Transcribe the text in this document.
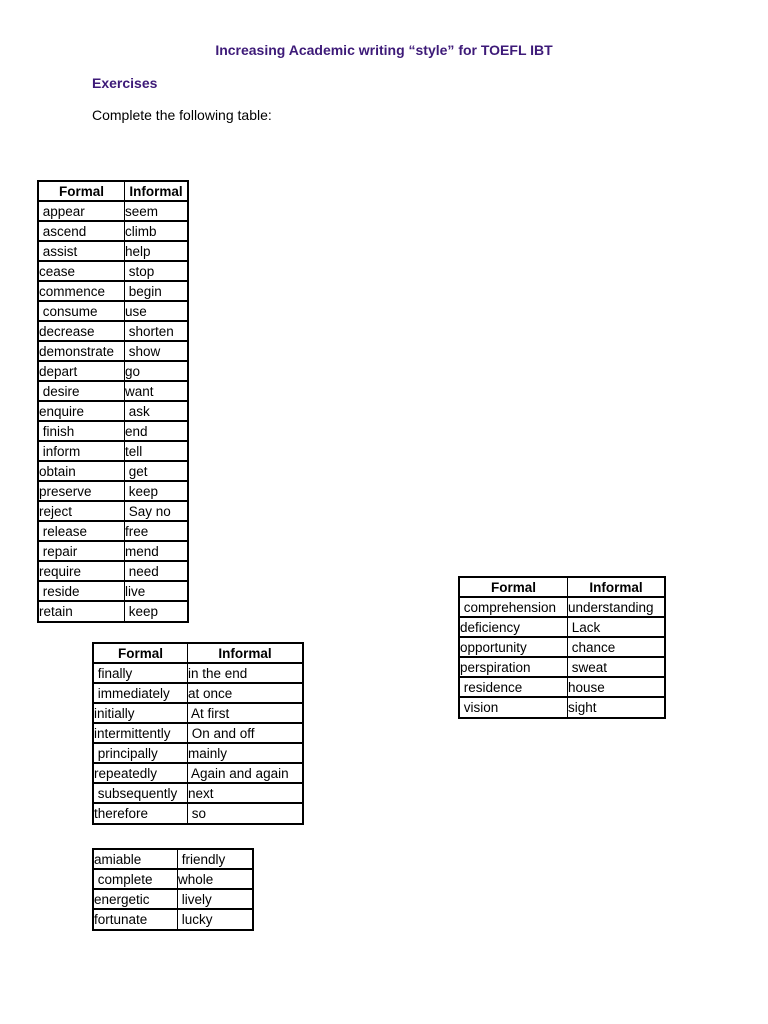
Increasing Academic writing “style” for TOEFL IBT
Exercises
Complete the following table:
Formal	Informal
appear	seem
ascend	climb
assist	help
cease	stop
commence	begin
consume	use
decrease	shorten
demonstrate	show
depart	go
desire	want
enquire	ask
finish	end
inform	tell
obtain	get
preserve	keep
reject	Say no
release	free
repair	mend
require	need
reside	live
retain	keep
Formal	Informal
finally	in the end
immediately	at once
initially	At first
intermittently	On and off
principally	mainly
repeatedly	Again and again
subsequently	next
therefore	so
Formal	Informal
comprehension	understanding
deficiency	Lack
opportunity	chance
perspiration	sweat
residence	house
vision	sight
amiable	friendly
complete	whole
energetic	lively
fortunate	lucky
